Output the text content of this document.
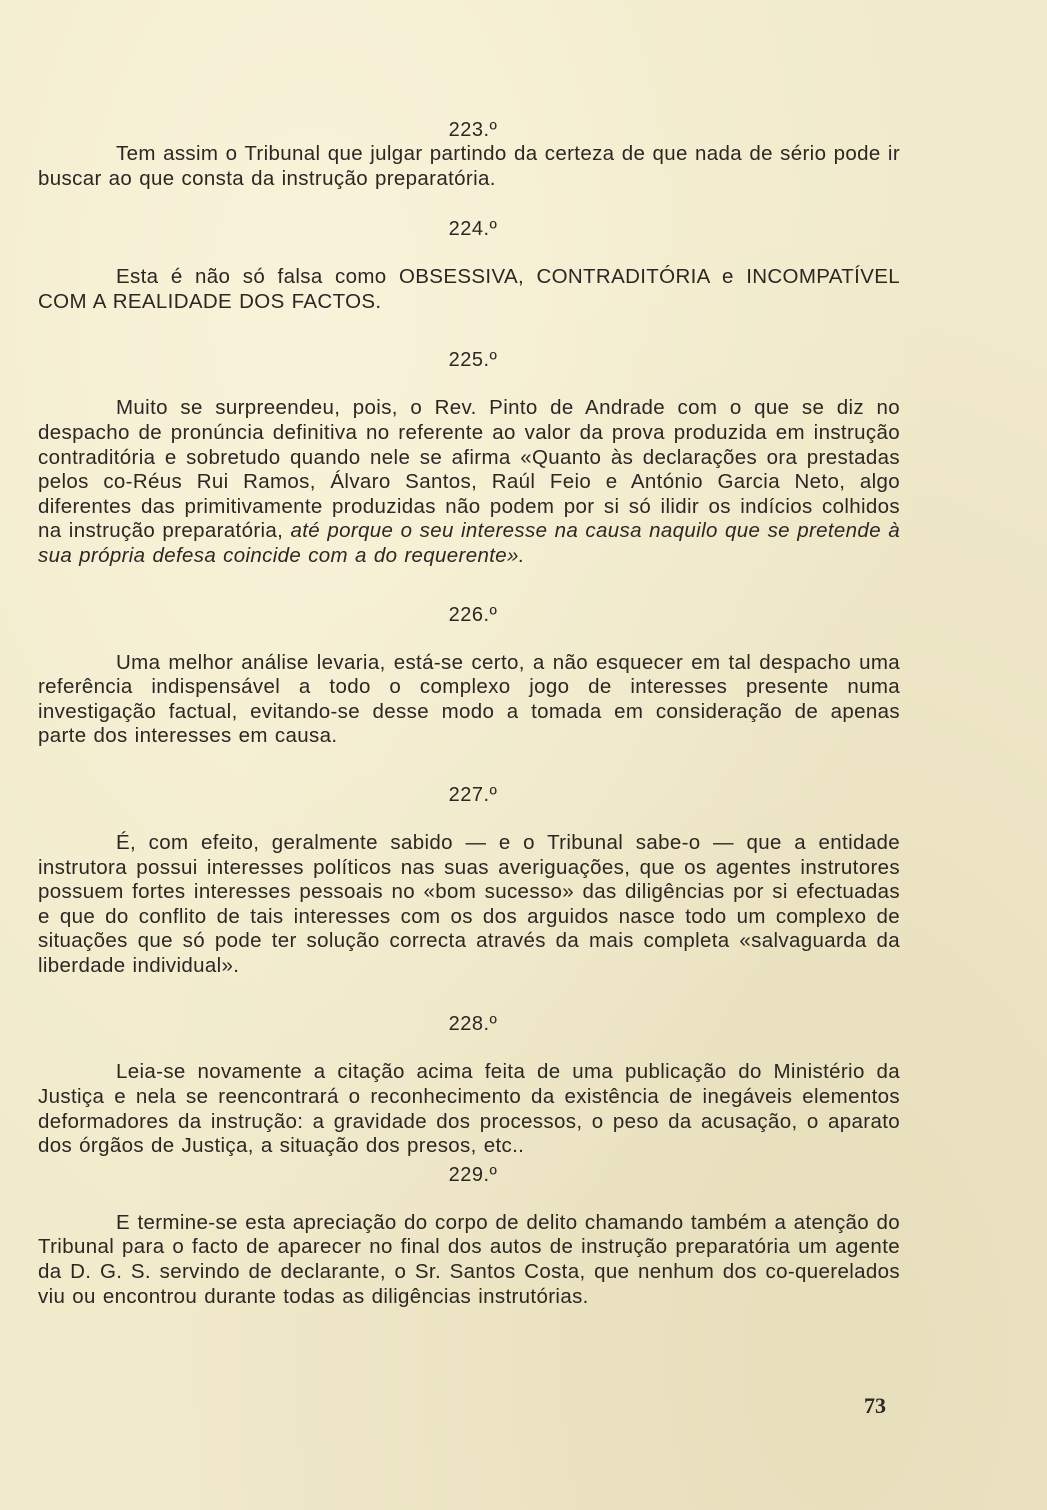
223.º

Tem assim o Tribunal que julgar partindo da certeza de que nada de sério pode ir buscar ao que consta da instrução preparatória.

224.º

Esta é não só falsa como OBSESSIVA, CONTRADITÓRIA e INCOMPATÍVEL COM A REALIDADE DOS FACTOS.

225.º

Muito se surpreendeu, pois, o Rev. Pinto de Andrade com o que se diz no despacho de pronúncia definitiva no referente ao valor da prova produzida em instrução contraditória e sobretudo quando nele se afirma «Quanto às declarações ora prestadas pelos co-Réus Rui Ramos, Álvaro Santos, Raúl Feio e António Garcia Neto, algo diferentes das primitivamente produzidas não podem por si só ilidir os indícios colhidos na instrução preparatória, até porque o seu interesse na causa naquilo que se pretende à sua própria defesa coincide com a do requerente».

226.º

Uma melhor análise levaria, está-se certo, a não esquecer em tal despacho uma referência indispensável a todo o complexo jogo de interesses presente numa investigação factual, evitando-se desse modo a tomada em consideração de apenas parte dos interesses em causa.

227.º

É, com efeito, geralmente sabido — e o Tribunal sabe-o — que a entidade instrutora possui interesses políticos nas suas averiguações, que os agentes instrutores possuem fortes interesses pessoais no «bom sucesso» das diligências por si efectuadas e que do conflito de tais interesses com os dos arguidos nasce todo um complexo de situações que só pode ter solução correcta através da mais completa «salvaguarda da liberdade individual».

228.º

Leia-se novamente a citação acima feita de uma publicação do Ministério da Justiça e nela se reencontrará o reconhecimento da existência de inegáveis elementos deformadores da instrução: a gravidade dos processos, o peso da acusação, o aparato dos órgãos de Justiça, a situação dos presos, etc..

229.º

E termine-se esta apreciação do corpo de delito chamando também a atenção do Tribunal para o facto de aparecer no final dos autos de instrução preparatória um agente da D. G. S. servindo de declarante, o Sr. Santos Costa, que nenhum dos co-querelados viu ou encontrou durante todas as diligências instrutórias.

73
